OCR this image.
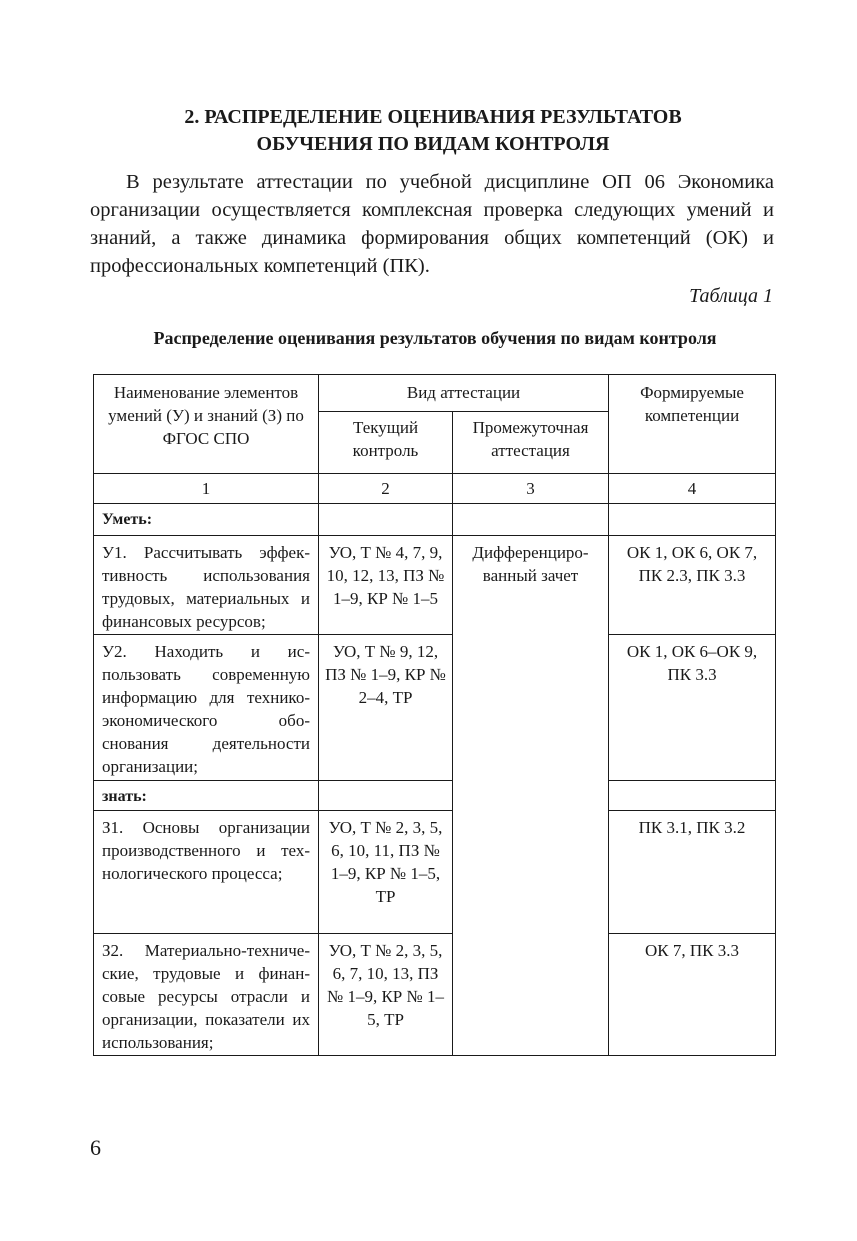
2. РАСПРЕДЕЛЕНИЕ ОЦЕНИВАНИЯ РЕЗУЛЬТАТОВ
ОБУЧЕНИЯ ПО ВИДАМ КОНТРОЛЯ

В результате аттестации по учебной дисциплине ОП 06 Экономика организации осуществляется комплексная проверка следующих умений и знаний, а также динамика формирования общих компетенций (ОК) и профессиональных компетенций (ПК).

Таблица 1

Распределение оценивания результатов обучения по видам контроля

Наименование элементов умений (У) и знаний (З) по ФГОС СПО	Вид аттестации		Формируемые компетенции
	Текущий контроль	Промежуточная аттестация	
1	2	3	4
Уметь:			
У1. Рассчитывать эффективность использования трудовых, материальных и финансовых ресурсов;	УО, Т № 4, 7, 9, 10, 12, 13, ПЗ № 1–9, КР № 1–5	Дифференцированный зачет	ОК 1, ОК 6, ОК 7, ПК 2.3, ПК 3.3
У2. Находить и использовать современную информацию для технико-экономического обоснования деятельности организации;	УО, Т № 9, 12, ПЗ № 1–9, КР № 2–4, ТР		ОК 1, ОК 6–ОК 9, ПК 3.3
знать:			
З1. Основы организации производственного и технологического процесса;	УО, Т № 2, 3, 5, 6, 10, 11, ПЗ № 1–9, КР № 1–5, ТР		ПК 3.1, ПК 3.2
З2. Материально-технические, трудовые и финансовые ресурсы отрасли и организации, показатели их использования;	УО, Т № 2, 3, 5, 6, 7, 10, 13, ПЗ № 1–9, КР № 1–5, ТР		ОК 7, ПК 3.3

6
